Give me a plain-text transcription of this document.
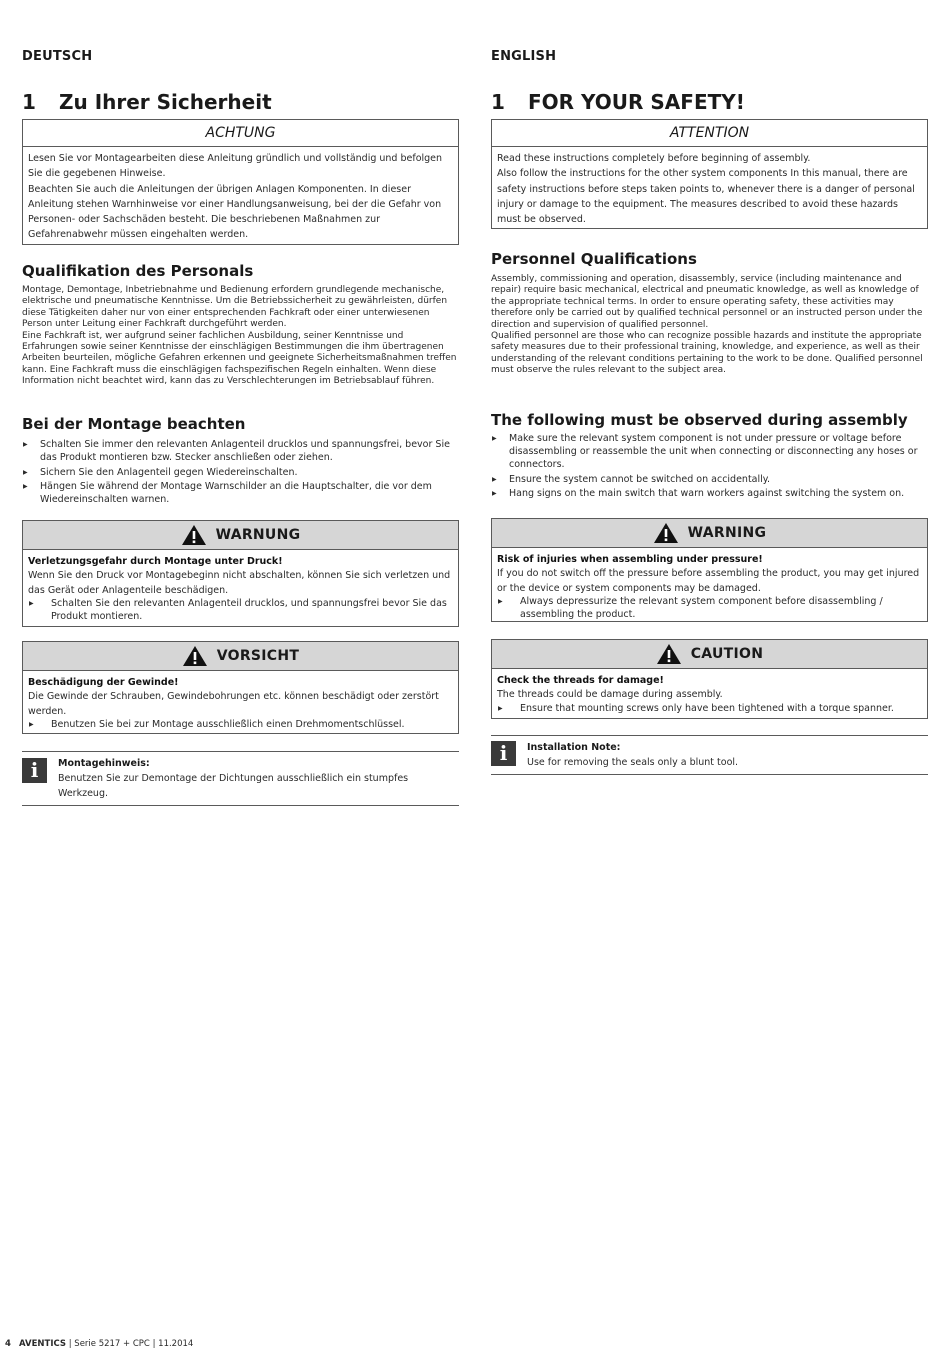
DEUTSCH
1 Zu Ihrer Sicherheit
ACHTUNG

Lesen Sie vor Montagearbeiten diese Anleitung gründlich und vollständig und befolgen Sie die gegebenen Hinweise.

Beachten Sie auch die Anleitungen der übrigen Anlagen Komponenten. In dieser Anleitung stehen Warnhinweise vor einer Handlungsanweisung, bei der die Gefahr von Personen- oder Sachschäden besteht. Die beschriebenen Maßnahmen zur Gefahrenabwehr müssen eingehalten werden.

Qualifikation des Personals

Montage, Demontage, Inbetriebnahme und Bedienung erfordern grundlegende mechanische, elektrische und pneumatische Kenntnisse. Um die Betriebssicherheit zu gewährleisten, dürfen diese Tätigkeiten daher nur von einer entsprechenden Fachkraft oder einer unterwiesenen Person unter Leitung einer Fachkraft durchgeführt werden.

Eine Fachkraft ist, wer aufgrund seiner fachlichen Ausbildung, seiner Kenntnisse und Erfahrungen sowie seiner Kenntnisse der einschlägigen Bestimmungen die ihm übertragenen Arbeiten beurteilen, mögliche Gefahren erkennen und geeignete Sicherheitsmaßnahmen treffen kann. Eine Fachkraft muss die einschlägigen fachspezifischen Regeln einhalten. Wenn diese Information nicht beachtet wird, kann das zu Verschlechterungen im Betriebsablauf führen.

Bei der Montage beachten
▶ Schalten Sie immer den relevanten Anlagenteil drucklos und spannungsfrei, bevor Sie das Produkt montieren bzw. Stecker anschließen oder ziehen.
▶ Sichern Sie den Anlagenteil gegen Wiedereinschalten.
▶ Hängen Sie während der Montage Warnschilder an die Hauptschalter, die vor dem Wiedereinschalten warnen.
WARNUNG
Verletzungsgefahr durch Montage unter Druck!

Wenn Sie den Druck vor Montagebeginn nicht abschalten, können Sie sich verletzen und das Gerät oder Anlagenteile beschädigen.

▶ Schalten Sie den relevanten Anlagenteil drucklos, und spannungsfrei bevor Sie das Produkt montieren.
VORSICHT
Beschädigung der Gewinde!

Die Gewinde der Schrauben, Gewindebohrungen etc. können beschädigt oder zerstört werden.

▶ Benutzen Sie bei zur Montage ausschließlich einen Drehmomentschlüssel.
i	Montagehinweis:
Benutzen Sie zur Demontage der Dichtungen ausschließlich ein stumpfes Werkzeug.
ENGLISH
1 FOR YOUR SAFETY!
ATTENTION

Read these instructions completely before beginning of assembly.

Also follow the instructions for the other system components In this manual, there are safety instructions before steps taken points to, whenever there is a danger of personal injury or damage to the equipment. The measures described to avoid these hazards must be observed.

Personnel Qualifications

Assembly, commissioning and operation, disassembly, service (including maintenance and repair) require basic mechanical, electrical and pneumatic knowledge, as well as knowledge of the appropriate technical terms. In order to ensure operating safety, these activities may therefore only be carried out by qualified technical personnel or an instructed person under the direction and supervision of qualified personnel.

Qualified personnel are those who can recognize possible hazards and institute the appropriate safety measures due to their professional training, knowledge, and experience, as well as their understanding of the relevant conditions pertaining to the work to be done. Qualified personnel must observe the rules relevant to the subject area.

The following must be observed during assembly
▶ Make sure the relevant system component is not under pressure or voltage before disassembling or reassemble the unit when connecting or disconnecting any hoses or connectors.
▶ Ensure the system cannot be switched on accidentally.
▶ Hang signs on the main switch that warn workers against switching the system on.
WARNING
Risk of injuries when assembling under pressure!

If you do not switch off the pressure before assembling the product, you may get injured or the device or system components may be damaged.

▶ Always depressurize the relevant system component before disassembling / assembling the product.
CAUTION
Check the threads for damage!

The threads could be damage during assembly.

▶ Ensure that mounting screws only have been tightened with a torque spanner.
i	Installation Note:
Use for removing the seals only a blunt tool.
4 AVENTICS | Serie 5217 + CPC | 11.2014
